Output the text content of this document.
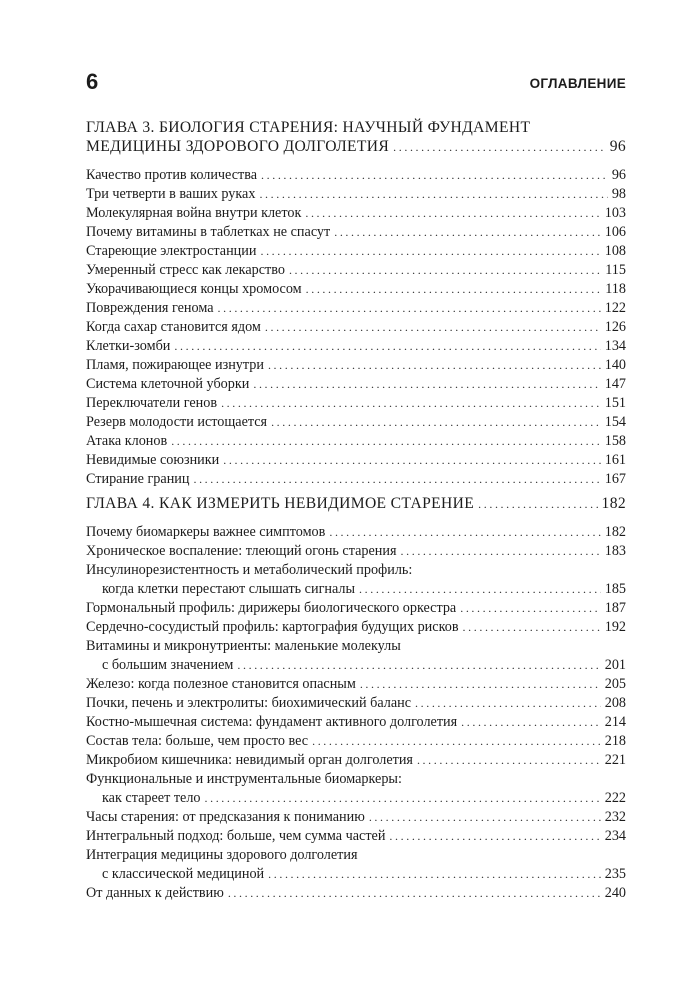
6	ОГЛАВЛЕНИЕ
ГЛАВА 3. БИОЛОГИЯ СТАРЕНИЯ: НАУЧНЫЙ ФУНДАМЕНТ
МЕДИЦИНЫ ЗДОРОВОГО ДОЛГОЛЕТИЯ .....	96
Качество против количества .....	96
Три четверти в ваших руках .....	98
Молекулярная война внутри клеток .....	103
Почему витамины в таблетках не спасут .....	106
Стареющие электростанции .....	108
Умеренный стресс как лекарство .....	115
Укорачивающиеся концы хромосом .....	118
Повреждения генома .....	122
Когда сахар становится ядом .....	126
Клетки-зомби .....	134
Пламя, пожирающее изнутри .....	140
Система клеточной уборки .....	147
Переключатели генов .....	151
Резерв молодости истощается .....	154
Атака клонов .....	158
Невидимые союзники .....	161
Стирание границ .....	167
ГЛАВА 4. КАК ИЗМЕРИТЬ НЕВИДИМОЕ СТАРЕНИЕ .....	182
Почему биомаркеры важнее симптомов .....	182
Хроническое воспаление: тлеющий огонь старения .....	183
Инсулинорезистентность и метаболический профиль:
когда клетки перестают слышать сигналы .....	185
Гормональный профиль: дирижеры биологического оркестра .....	187
Сердечно-сосудистый профиль: картография будущих рисков .....	192
Витамины и микронутриенты: маленькие молекулы
с большим значением .....	201
Железо: когда полезное становится опасным .....	205
Почки, печень и электролиты: биохимический баланс .....	208
Костно-мышечная система: фундамент активного долголетия .....	214
Состав тела: больше, чем просто вес .....	218
Микробиом кишечника: невидимый орган долголетия .....	221
Функциональные и инструментальные биомаркеры:
как стареет тело .....	222
Часы старения: от предсказания к пониманию .....	232
Интегральный подход: больше, чем сумма частей .....	234
Интеграция медицины здорового долголетия
с классической медициной .....	235
От данных к действию .....	240
